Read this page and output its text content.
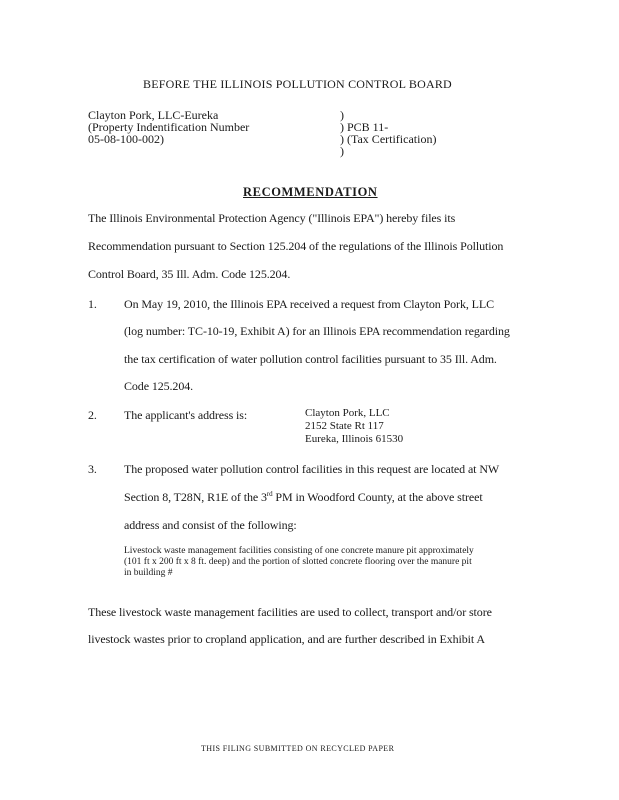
BEFORE THE ILLINOIS POLLUTION CONTROL BOARD
Clayton Pork, LLC-Eureka
(Property Indentification Number
05-08-100-002)
)
) PCB 11-
) (Tax Certification)
)
RECOMMENDATION
The Illinois Environmental Protection Agency ("Illinois EPA") hereby files its
Recommendation pursuant to Section 125.204 of the regulations of the Illinois Pollution
Control Board, 35 Ill. Adm. Code 125.204.
1. On May 19, 2010, the Illinois EPA received a request from Clayton Pork, LLC
(log number: TC-10-19, Exhibit A) for an Illinois EPA recommendation regarding
the tax certification of water pollution control facilities pursuant to 35 Ill. Adm.
Code 125.204.
2. The applicant's address is:	Clayton Pork, LLC
2152 State Rt 117
Eureka, Illinois 61530
3. The proposed water pollution control facilities in this request are located at NW
Section 8, T28N, R1E of the 3rd PM in Woodford County, at the above street
address and consist of the following:
Livestock waste management facilities consisting of one concrete manure pit approximately
(101 ft x 200 ft x 8 ft. deep) and the portion of slotted concrete flooring over the manure pit
in building #
These livestock waste management facilities are used to collect, transport and/or store
livestock wastes prior to cropland application, and are further described in Exhibit A
THIS FILING SUBMITTED ON RECYCLED PAPER
